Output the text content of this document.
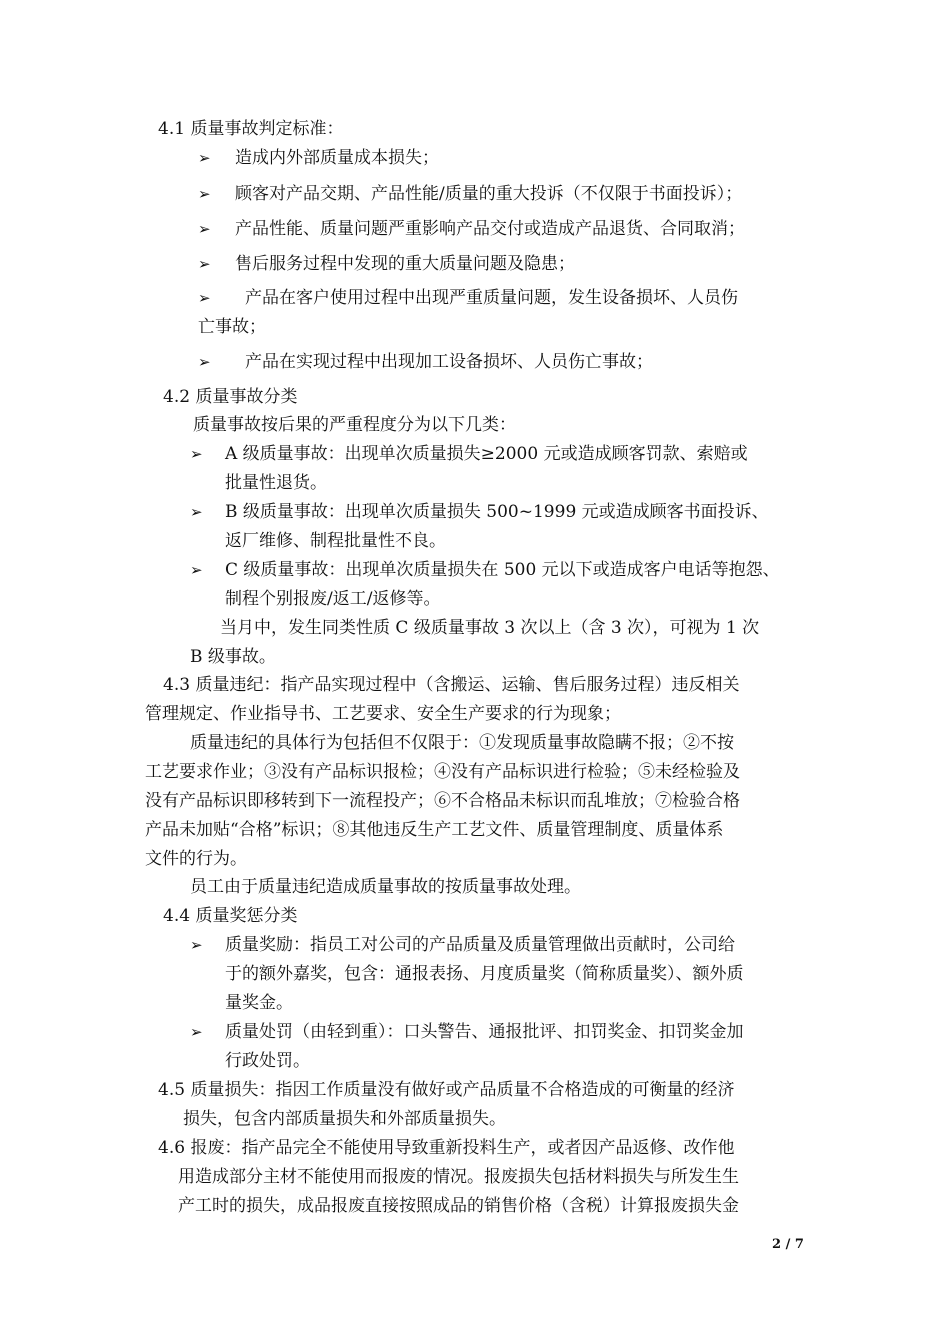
4.1 质量事故判定标准：
➢ 造成内外部质量成本损失；
➢ 顾客对产品交期、产品性能/质量的重大投诉（不仅限于书面投诉）；
➢ 产品性能、质量问题严重影响产品交付或造成产品退货、合同取消；
➢ 售后服务过程中发现的重大质量问题及隐患；
➢ 产品在客户使用过程中出现严重质量问题，发生设备损坏、人员伤
亡事故；
➢ 产品在实现过程中出现加工设备损坏、人员伤亡事故；
4.2 质量事故分类
质量事故按后果的严重程度分为以下几类：
➢ A 级质量事故：出现单次质量损失≥2000 元或造成顾客罚款、索赔或
批量性退货。
➢ B 级质量事故：出现单次质量损失 500~1999 元或造成顾客书面投诉、
返厂维修、制程批量性不良。
➢ C 级质量事故：出现单次质量损失在 500 元以下或造成客户电话等抱怨、
制程个别报废/返工/返修等。
当月中，发生同类性质 C 级质量事故 3 次以上（含 3 次），可视为 1 次
B 级事故。
4.3 质量违纪：指产品实现过程中（含搬运、运输、售后服务过程）违反相关
管理规定、作业指导书、工艺要求、安全生产要求的行为现象；
质量违纪的具体行为包括但不仅限于：①发现质量事故隐瞒不报；②不按
工艺要求作业；③没有产品标识报检；④没有产品标识进行检验；⑤未经检验及
没有产品标识即移转到下一流程投产；⑥不合格品未标识而乱堆放；⑦检验合格
产品未加贴“合格”标识；⑧其他违反生产工艺文件、质量管理制度、质量体系
文件的行为。
员工由于质量违纪造成质量事故的按质量事故处理。
4.4 质量奖惩分类
➢ 质量奖励：指员工对公司的产品质量及质量管理做出贡献时，公司给
于的额外嘉奖，包含：通报表扬、月度质量奖（简称质量奖）、额外质
量奖金。
➢ 质量处罚（由轻到重）：口头警告、通报批评、扣罚奖金、扣罚奖金加
行政处罚。
4.5 质量损失：指因工作质量没有做好或产品质量不合格造成的可衡量的经济
损失，包含内部质量损失和外部质量损失。
4.6 报废：指产品完全不能使用导致重新投料生产，或者因产品返修、改作他
用造成部分主材不能使用而报废的情况。报废损失包括材料损失与所发生生
产工时的损失，成品报废直接按照成品的销售价格（含税）计算报废损失金
2 / 7
